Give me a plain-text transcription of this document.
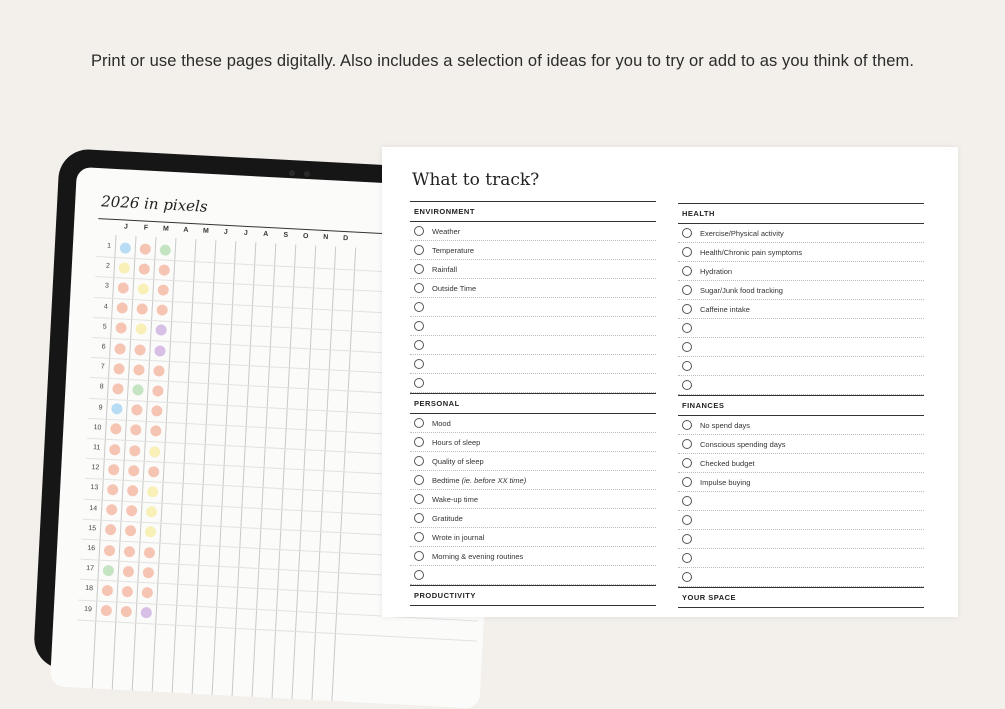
Print or use these pages digitally. Also includes a selection of ideas for you to try or add to as you think of them.
2026 in pixels
J	F	M	A	M	J	J	A	S	O	N	D
1
2
3
4
5
6
7
8
9
10
11
12
13
14
15
16
17
18
19
What to track?
ENVIRONMENT
Weather
Temperature
Rainfall
Outside Time
PERSONAL
Mood
Hours of sleep
Quality of sleep
Bedtime (ie. before XX time)
Wake-up time
Gratitude
Wrote in journal
Morning & evening routines
PRODUCTIVITY
HEALTH
Exercise/Physical activity
Health/Chronic pain symptoms
Hydration
Sugar/Junk food tracking
Caffeine intake
FINANCES
No spend days
Conscious spending days
Checked budget
Impulse buying
YOUR SPACE
